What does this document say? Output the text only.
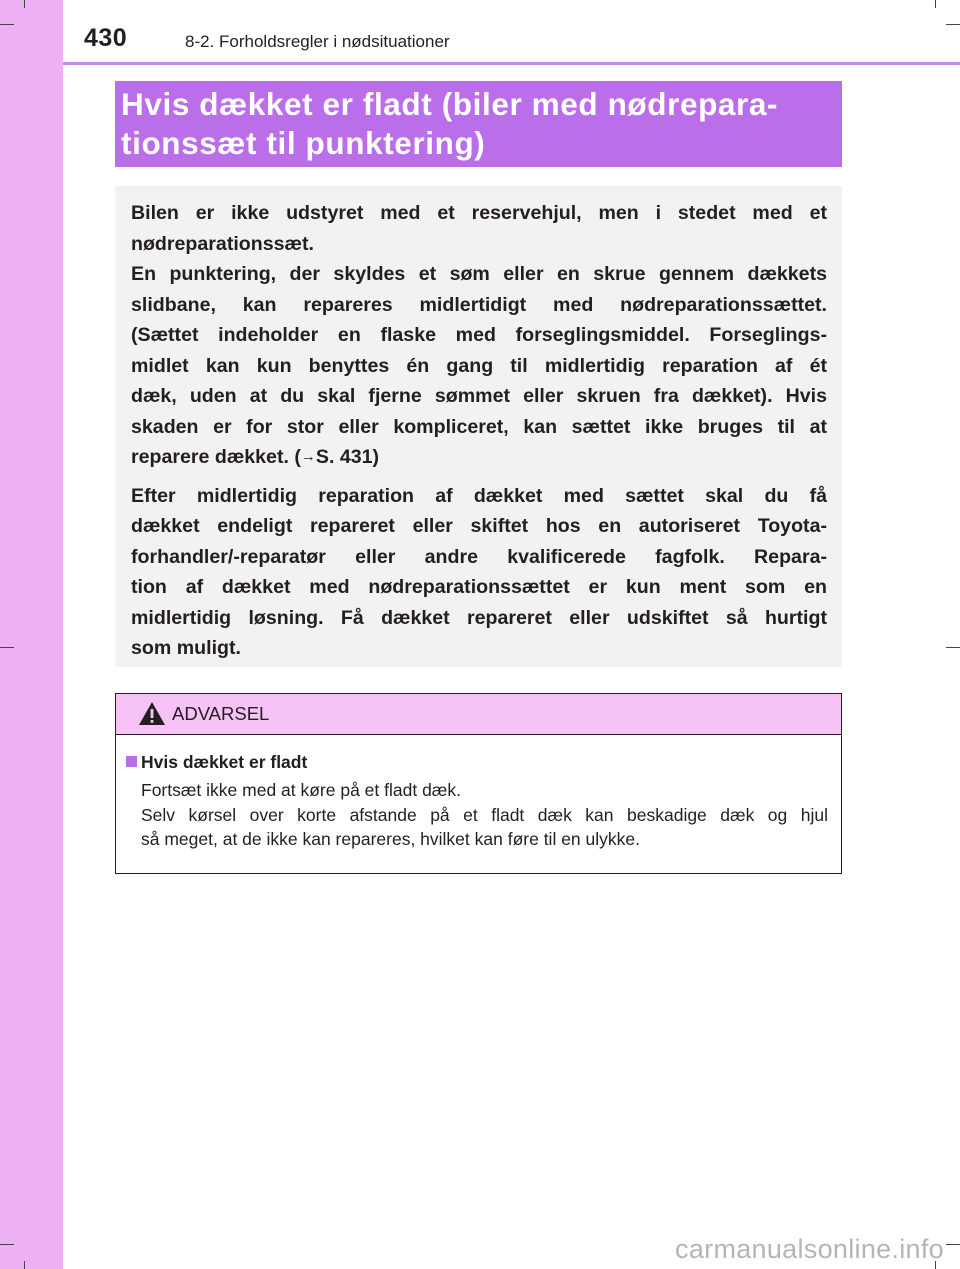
430	8-2. Forholdsregler i nødsituationer
Hvis dækket er fladt (biler med nødrepara-
tionssæt til punktering)
Bilen er ikke udstyret med et reservehjul, men i stedet med et
nødreparationssæt.
En punktering, der skyldes et søm eller en skrue gennem dækkets
slidbane, kan repareres midlertidigt med nødreparationssættet.
(Sættet indeholder en flaske med forseglingsmiddel. Forseglings-
midlet kan kun benyttes én gang til midlertidig reparation af ét
dæk, uden at du skal fjerne sømmet eller skruen fra dækket). Hvis
skaden er for stor eller kompliceret, kan sættet ikke bruges til at
reparere dækket. (→S. 431)
Efter midlertidig reparation af dækket med sættet skal du få
dækket endeligt repareret eller skiftet hos en autoriseret Toyota-
forhandler/-reparatør eller andre kvalificerede fagfolk. Repara-
tion af dækket med nødreparationssættet er kun ment som en
midlertidig løsning. Få dækket repareret eller udskiftet så hurtigt
som muligt.
ADVARSEL
Hvis dækket er fladt
Fortsæt ikke med at køre på et fladt dæk.
Selv kørsel over korte afstande på et fladt dæk kan beskadige dæk og hjul
så meget, at de ikke kan repareres, hvilket kan føre til en ulykke.
carmanualsonline.info
